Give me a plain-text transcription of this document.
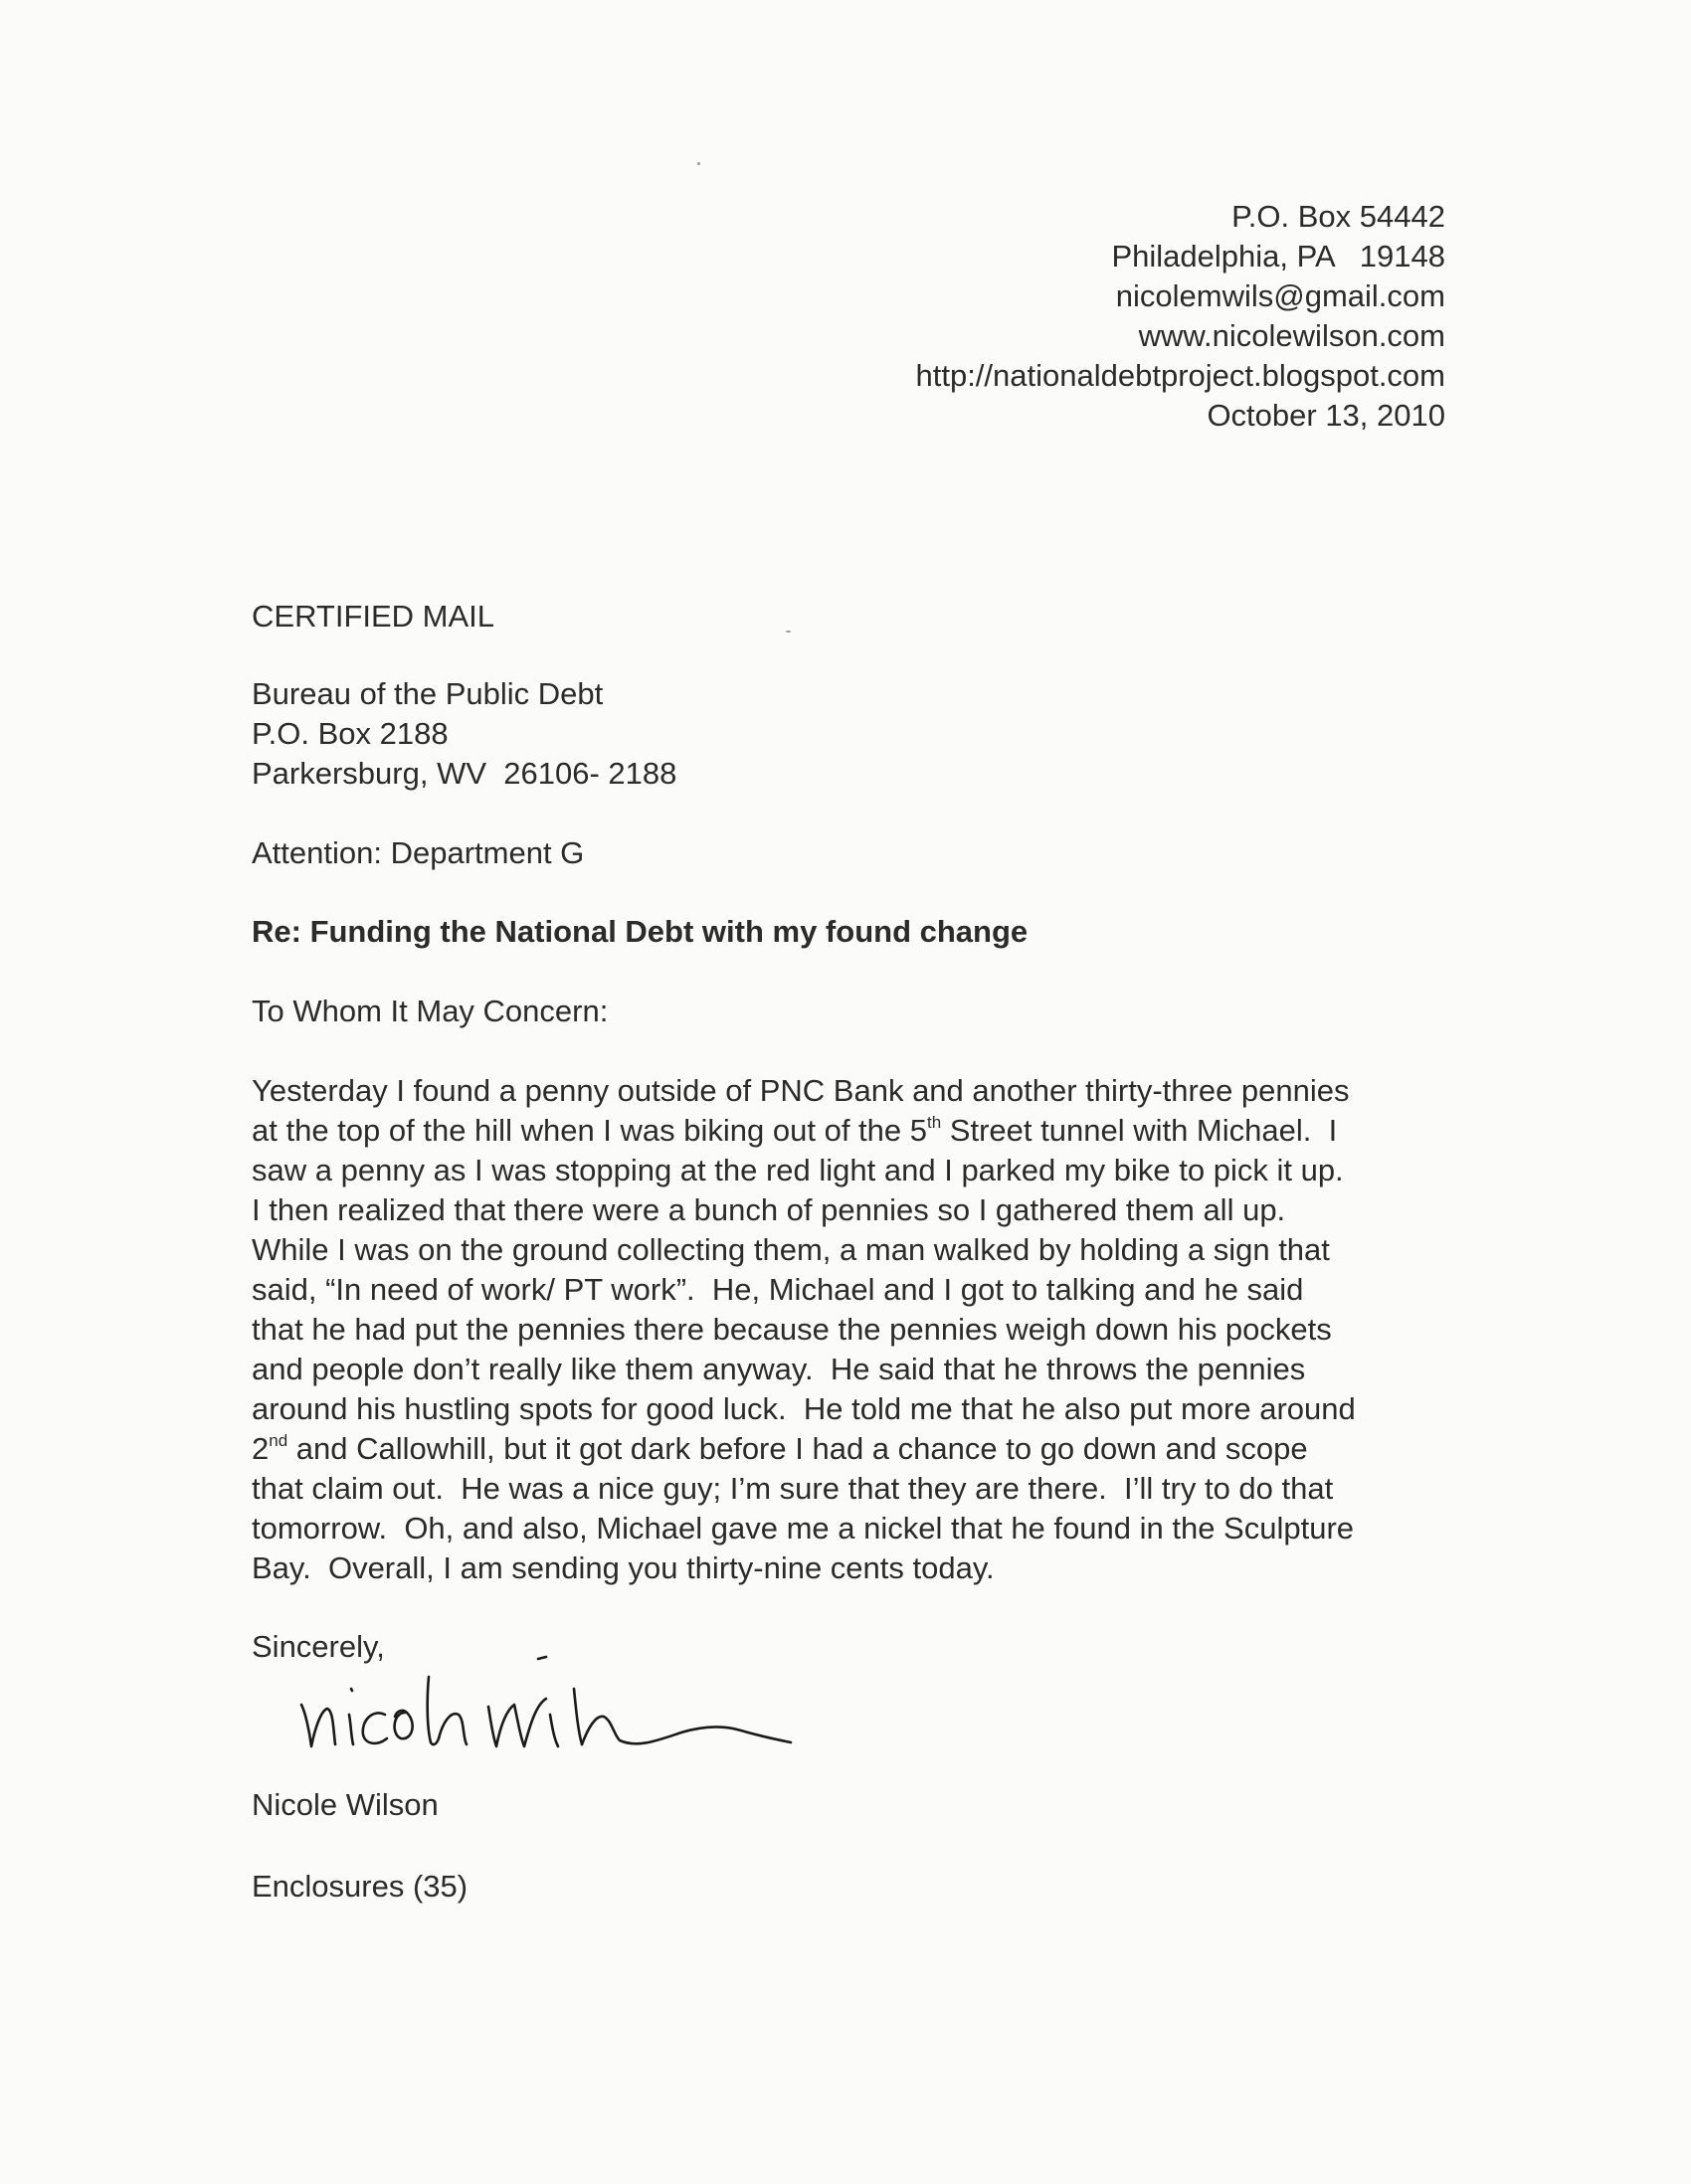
P.O. Box 54442
Philadelphia, PA   19148
nicolemwils@gmail.com
www.nicolewilson.com
http://nationaldebtproject.blogspot.com
October 13, 2010
CERTIFIED MAIL
Bureau of the Public Debt
P.O. Box 2188
Parkersburg, WV  26106- 2188
Attention: Department G
Re: Funding the National Debt with my found change
To Whom It May Concern:
Yesterday I found a penny outside of PNC Bank and another thirty-three pennies
at the top of the hill when I was biking out of the 5th Street tunnel with Michael.  I
saw a penny as I was stopping at the red light and I parked my bike to pick it up.
I then realized that there were a bunch of pennies so I gathered them all up.
While I was on the ground collecting them, a man walked by holding a sign that
said, “In need of work/ PT work”.  He, Michael and I got to talking and he said
that he had put the pennies there because the pennies weigh down his pockets
and people don’t really like them anyway.  He said that he throws the pennies
around his hustling spots for good luck.  He told me that he also put more around
2nd and Callowhill, but it got dark before I had a chance to go down and scope
that claim out.  He was a nice guy; I’m sure that they are there.  I’ll try to do that
tomorrow.  Oh, and also, Michael gave me a nickel that he found in the Sculpture
Bay.  Overall, I am sending you thirty-nine cents today.
Sincerely,
Nicole Wilson
Enclosures (35)
